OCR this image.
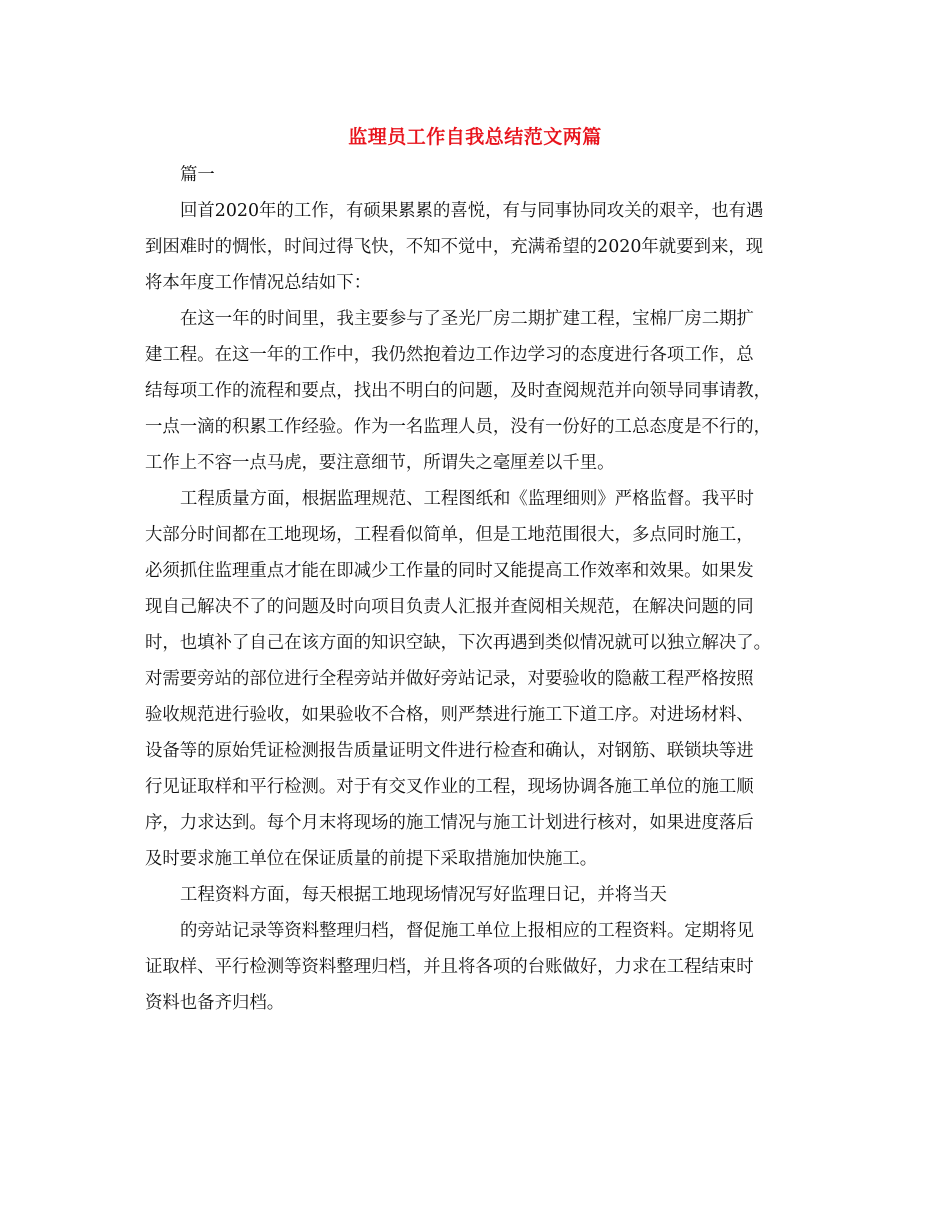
监理员工作自我总结范文两篇
篇一
回首2020年的工作，有硕果累累的喜悦，有与同事协同攻关的艰辛，也有遇
到困难时的惆怅，时间过得飞快，不知不觉中，充满希望的2020年就要到来，现
将本年度工作情况总结如下：
在这一年的时间里，我主要参与了圣光厂房二期扩建工程，宝棉厂房二期扩
建工程。在这一年的工作中，我仍然抱着边工作边学习的态度进行各项工作，总
结每项工作的流程和要点，找出不明白的问题，及时查阅规范并向领导同事请教，
一点一滴的积累工作经验。作为一名监理人员，没有一份好的工总态度是不行的，
工作上不容一点马虎，要注意细节，所谓失之毫厘差以千里。
工程质量方面，根据监理规范、工程图纸和《监理细则》严格监督。我平时
大部分时间都在工地现场，工程看似简单，但是工地范围很大，多点同时施工，
必须抓住监理重点才能在即减少工作量的同时又能提高工作效率和效果。如果发
现自己解决不了的问题及时向项目负责人汇报并查阅相关规范，在解决问题的同
时，也填补了自己在该方面的知识空缺，下次再遇到类似情况就可以独立解决了。
对需要旁站的部位进行全程旁站并做好旁站记录，对要验收的隐蔽工程严格按照
验收规范进行验收，如果验收不合格，则严禁进行施工下道工序。对进场材料、
设备等的原始凭证检测报告质量证明文件进行检查和确认，对钢筋、联锁块等进
行见证取样和平行检测。对于有交叉作业的工程，现场协调各施工单位的施工顺
序，力求达到。每个月末将现场的施工情况与施工计划进行核对，如果进度落后
及时要求施工单位在保证质量的前提下采取措施加快施工。
工程资料方面，每天根据工地现场情况写好监理日记，并将当天
的旁站记录等资料整理归档，督促施工单位上报相应的工程资料。定期将见
证取样、平行检测等资料整理归档，并且将各项的台账做好，力求在工程结束时
资料也备齐归档。
